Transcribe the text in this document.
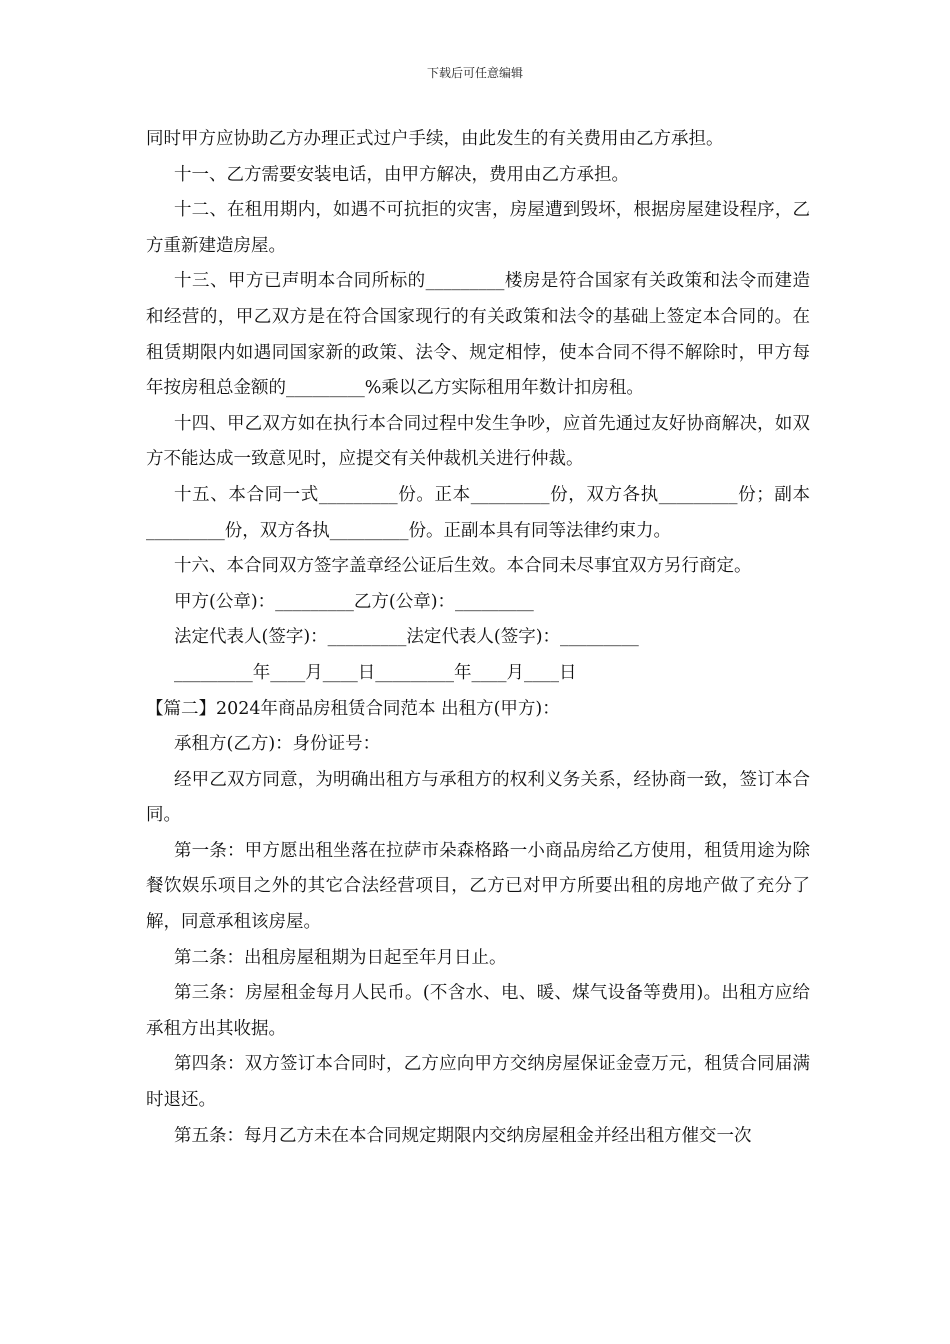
下载后可任意编辑

同时甲方应协助乙方办理正式过户手续，由此发生的有关费用由乙方承担。

十一、乙方需要安装电话，由甲方解决，费用由乙方承担。

十二、在租用期内，如遇不可抗拒的灾害，房屋遭到毁坏，根据房屋建设程序，乙方重新建造房屋。

十三、甲方已声明本合同所标的_________楼房是符合国家有关政策和法令而建造和经营的，甲乙双方是在符合国家现行的有关政策和法令的基础上签定本合同的。在租赁期限内如遇同国家新的政策、法令、规定相悖，使本合同不得不解除时，甲方每年按房租总金额的_________%乘以乙方实际租用年数计扣房租。

十四、甲乙双方如在执行本合同过程中发生争吵，应首先通过友好协商解决，如双方不能达成一致意见时，应提交有关仲裁机关进行仲裁。

十五、本合同一式_________份。正本_________份，双方各执_________份；副本_________份，双方各执_________份。正副本具有同等法律约束力。

十六、本合同双方签字盖章经公证后生效。本合同未尽事宜双方另行商定。

甲方(公章)：_________乙方(公章)：_________

法定代表人(签字)：_________法定代表人(签字)：_________

_________年____月____日_________年____月____日

【篇二】2024年商品房租赁合同范本 出租方(甲方)：

承租方(乙方)：身份证号：

经甲乙双方同意，为明确出租方与承租方的权利义务关系，经协商一致，签订本合同。

第一条：甲方愿出租坐落在拉萨市朵森格路一小商品房给乙方使用，租赁用途为除餐饮娱乐项目之外的其它合法经营项目，乙方已对甲方所要出租的房地产做了充分了解，同意承租该房屋。

第二条：出租房屋租期为日起至年月日止。

第三条：房屋租金每月人民币。(不含水、电、暖、煤气设备等费用)。出租方应给承租方出其收据。

第四条：双方签订本合同时，乙方应向甲方交纳房屋保证金壹万元，租赁合同届满时退还。

第五条：每月乙方未在本合同规定期限内交纳房屋租金并经出租方催交一次
